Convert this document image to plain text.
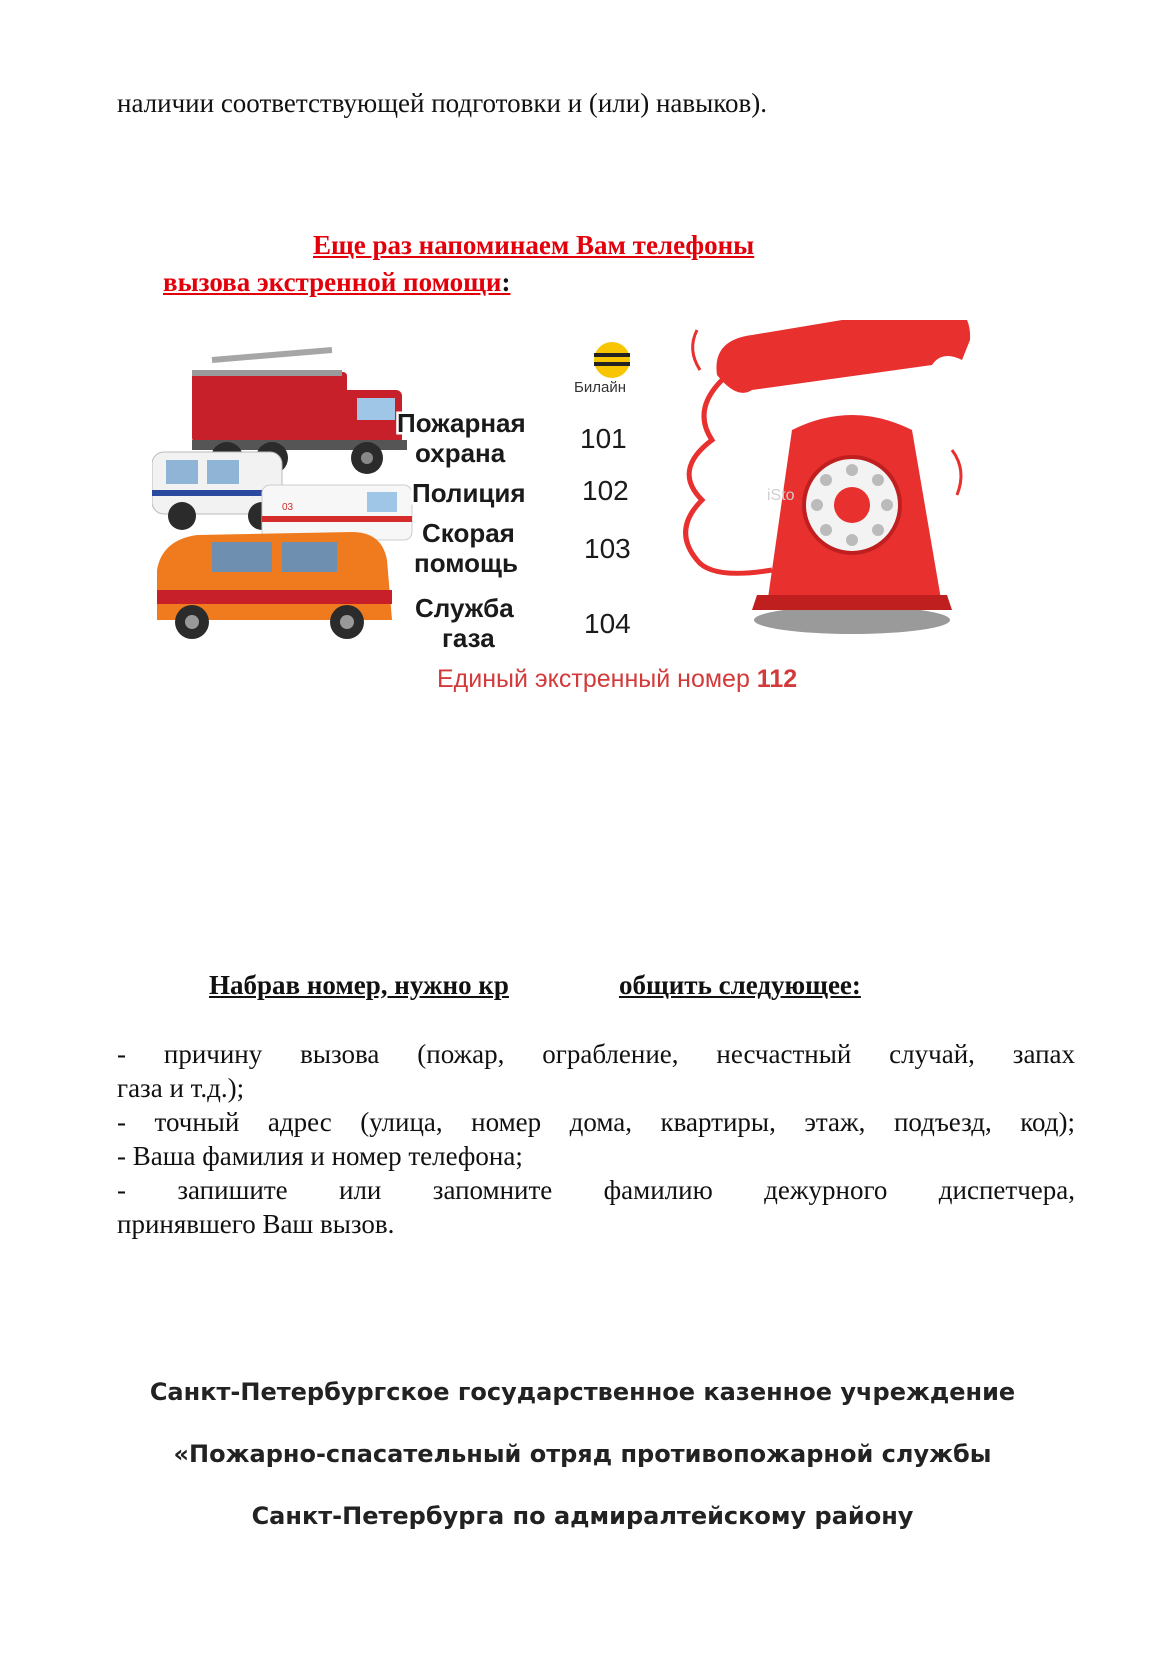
наличии соответствующей подготовки и (или) навыков).
Еще раз напоминаем Вам телефоны
вызова экстренной помощи:
03
Билайн
Пожарная
охрана	101
Полиция 102
Скорая
помощь 103
Служба
газа	104
iSto
Единый экстренный номер 112
Набрав номер, нужно кр	общить следующее:

- причину вызова (пожар, ограбление, несчастный случай, запах
газа и т.д.);

- точный адрес (улица, номер дома, квартиры, этаж, подъезд, код);

- Ваша фамилия и номер телефона;

- запишите или запомните фамилию дежурного диспетчера,
принявшего Ваш вызов.

Санкт-Петербургское государственное казенное учреждение
«Пожарно-спасательный отряд противопожарной службы
Санкт-Петербурга по адмиралтейскому району
